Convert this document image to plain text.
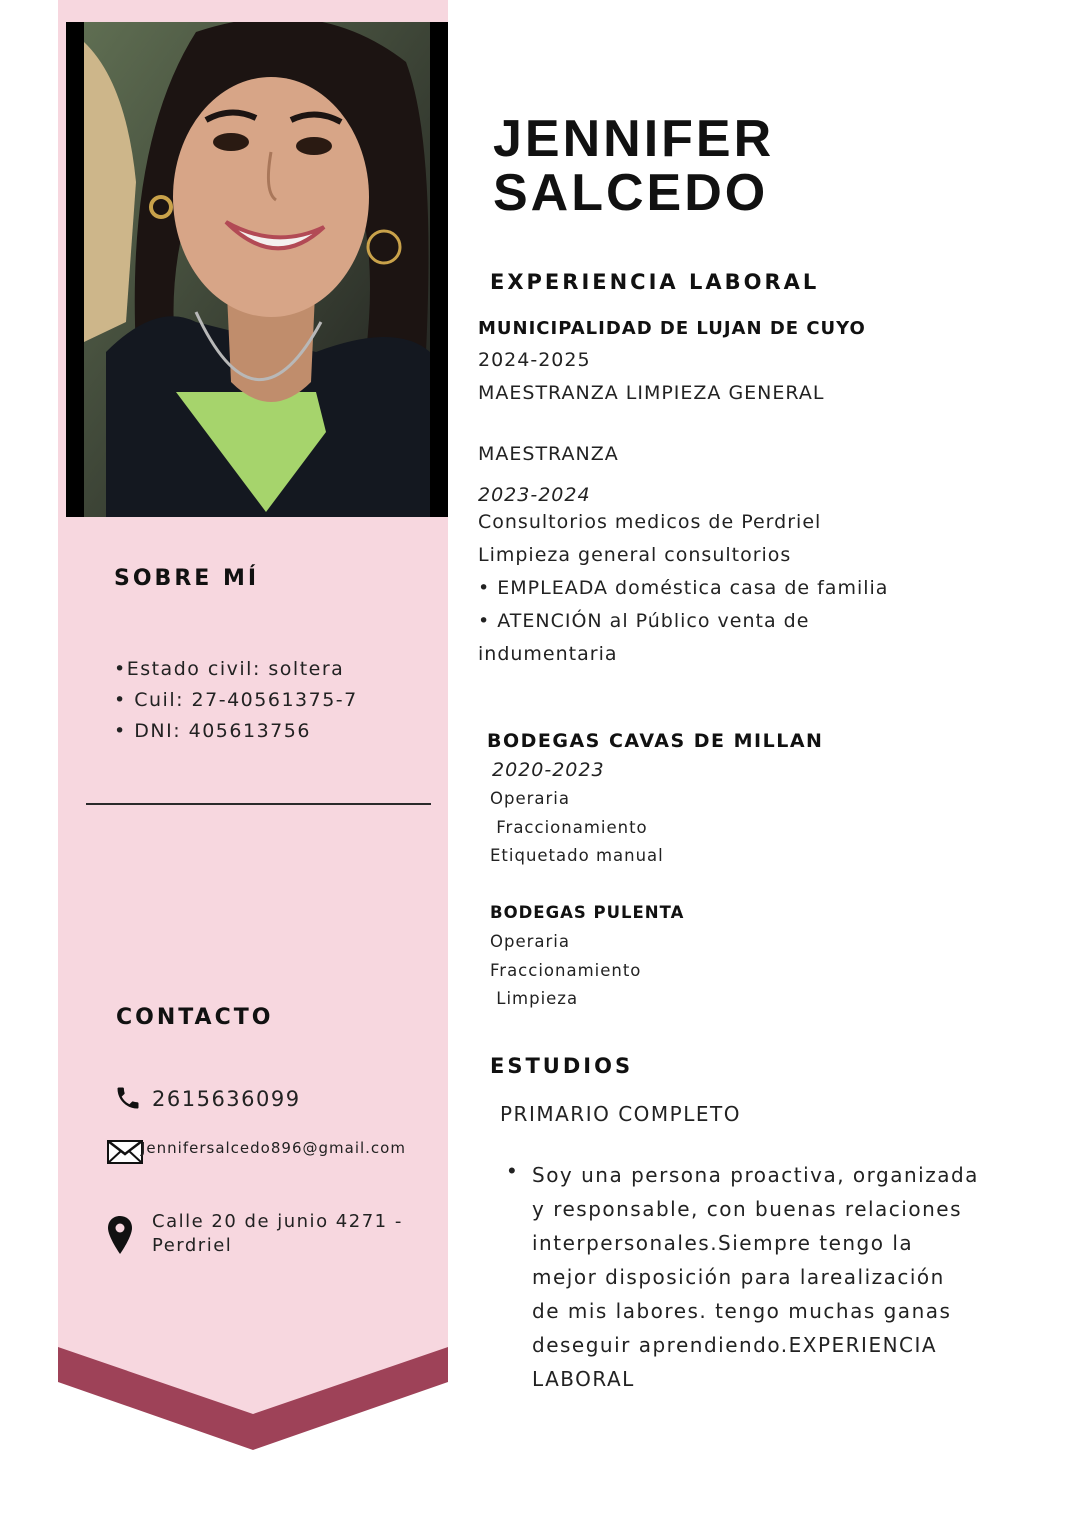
SOBRE MÍ
•Estado civil: soltera
• Cuil: 27-40561375-7
• DNI: 405613756
CONTACTO
2615636099
Jennifersalcedo896@gmail.com
Calle 20 de junio 4271 -
Perdriel
JENNIFER
SALCEDO
EXPERIENCIA LABORAL
MUNICIPALIDAD DE LUJAN DE CUYO
2024-2025
MAESTRANZA LIMPIEZA GENERAL
MAESTRANZA
2023-2024
Consultorios medicos de Perdriel
Limpieza general consultorios
• EMPLEADA doméstica casa de familia
• ATENCIÓN al Público venta de
indumentaria
BODEGAS CAVAS DE MILLAN
2020-2023
Operaria
Fraccionamiento
Etiquetado manual
BODEGAS PULENTA
Operaria
Fraccionamiento
Limpieza
ESTUDIOS
PRIMARIO COMPLETO
• Soy una persona proactiva, organizada
y responsable, con buenas relaciones
interpersonales.Siempre tengo la
mejor disposición para larealización
de mis labores. tengo muchas ganas
deseguir aprendiendo.EXPERIENCIA
LABORAL
